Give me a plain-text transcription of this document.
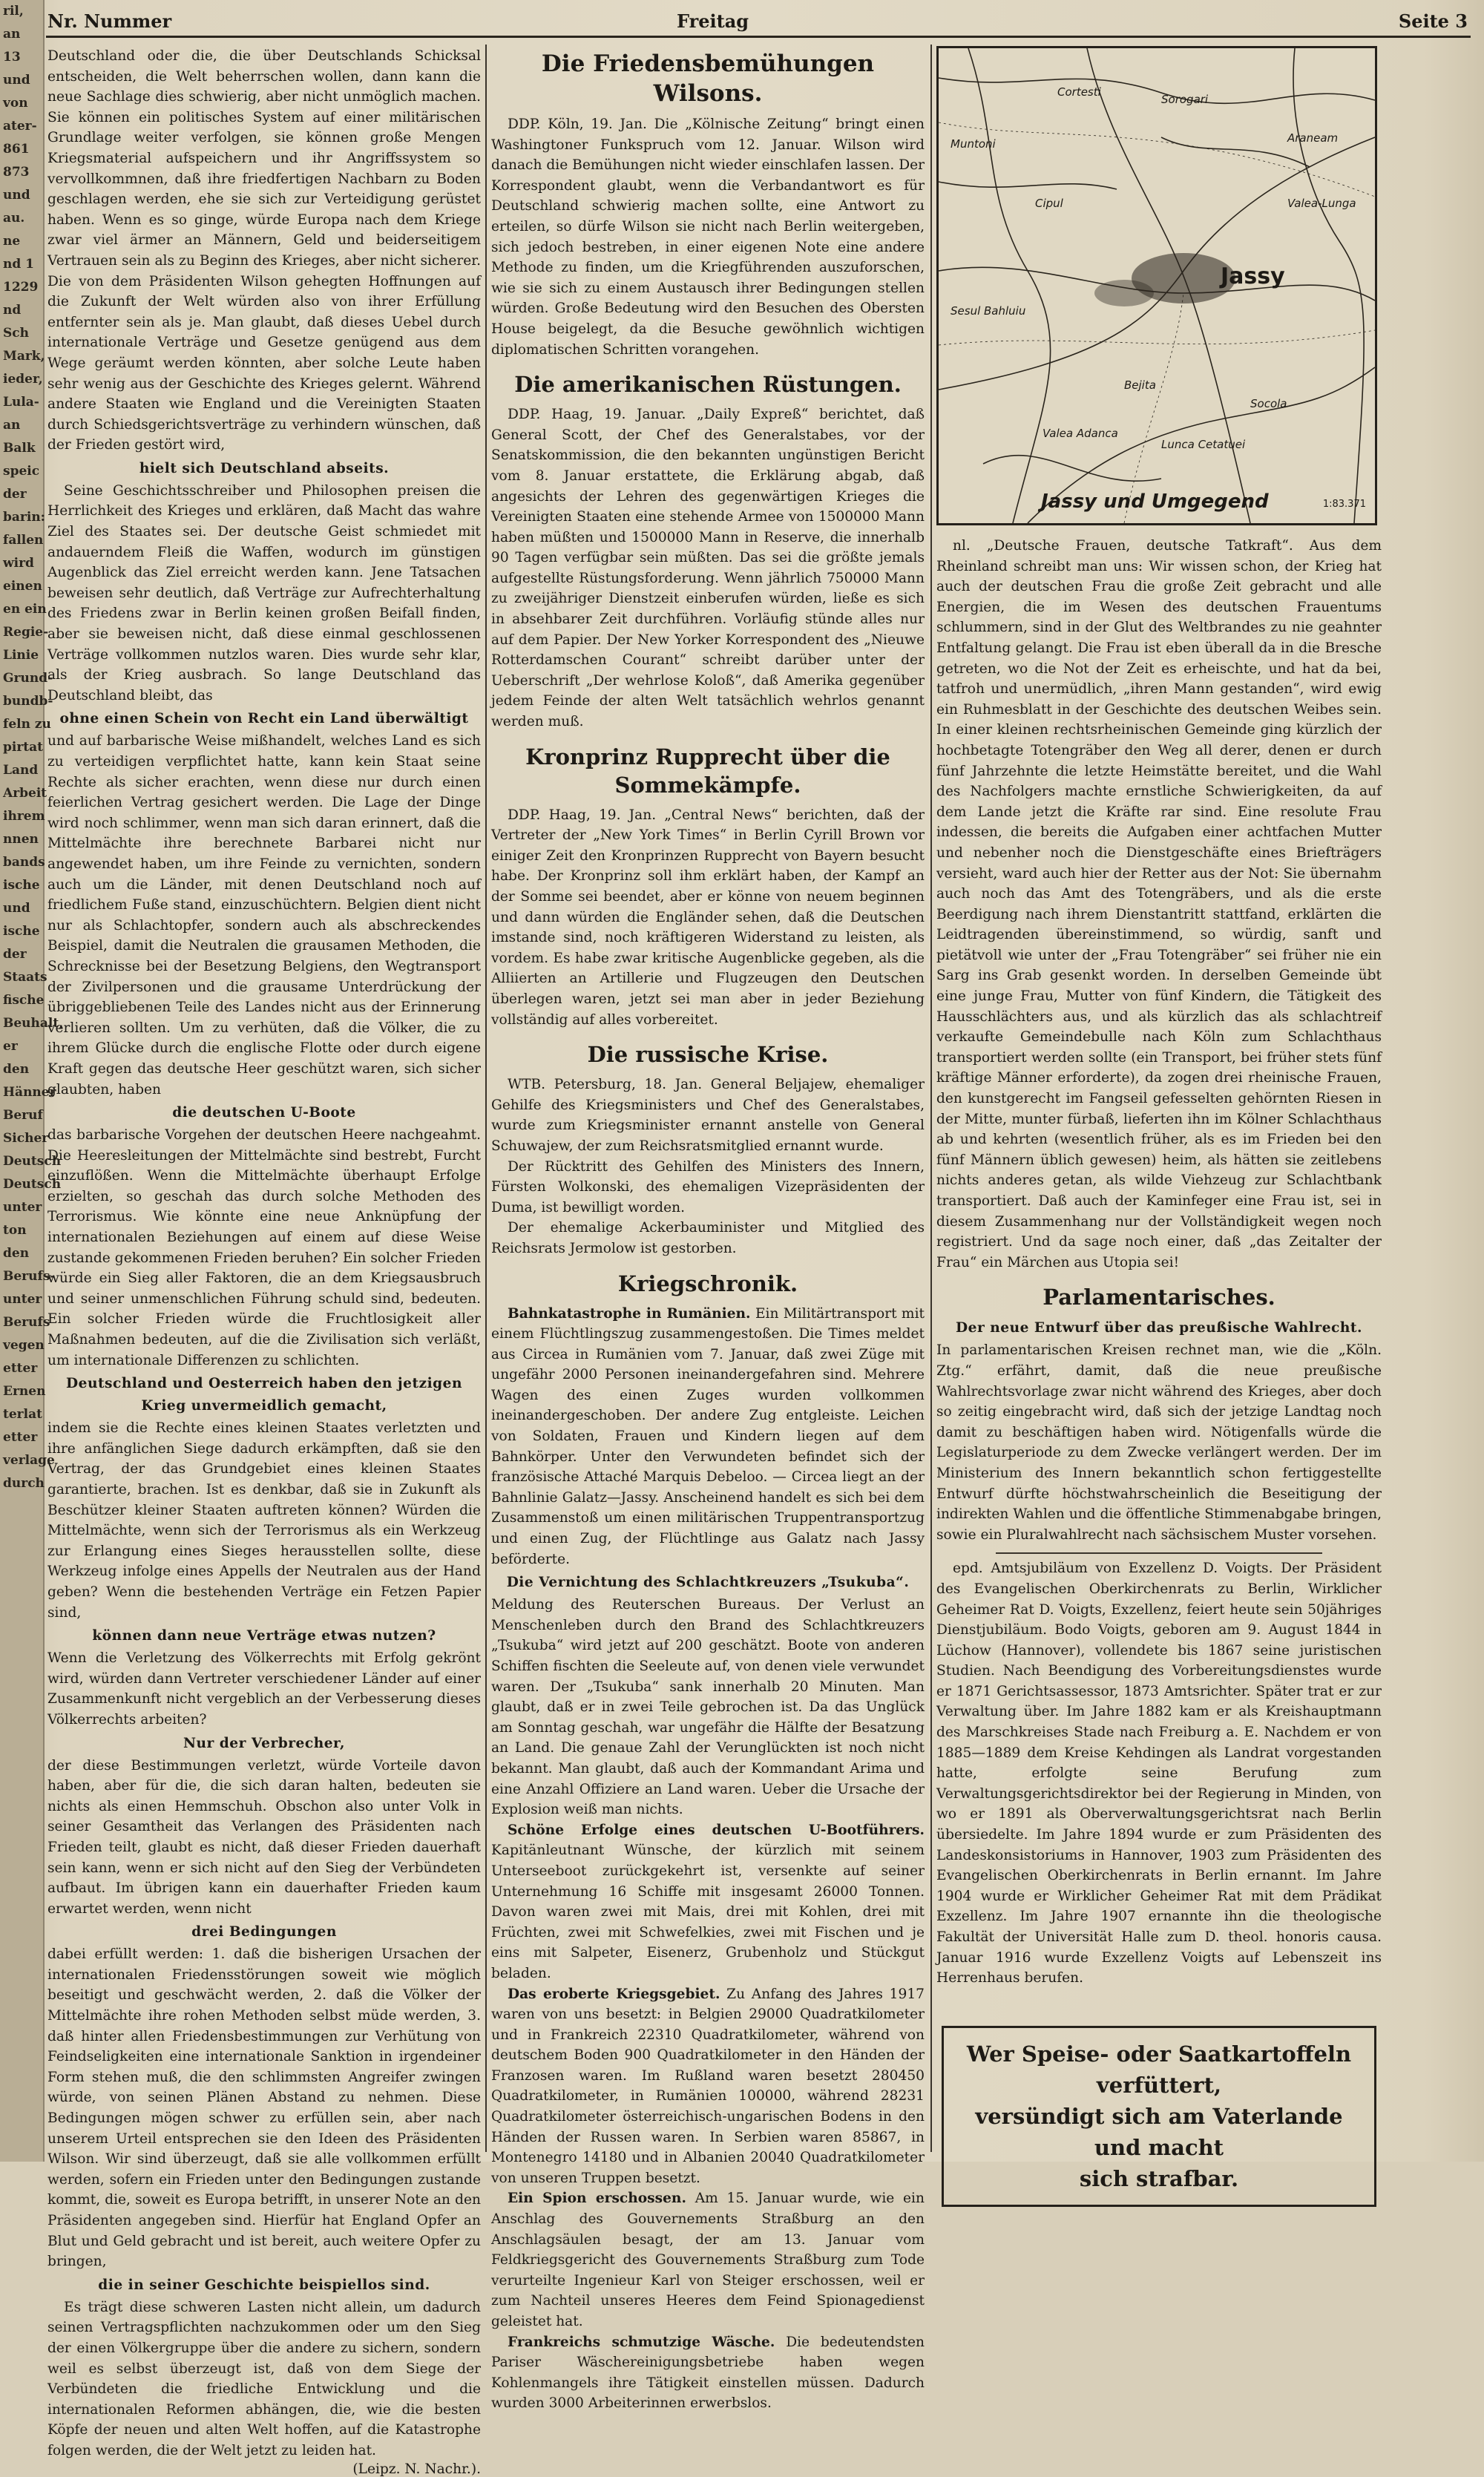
ril,

an

13

und

von

ater-

861

873

und

au.

ne

nd 1

1229

nd

Sch

Mark,

ieder,

Lula-

an

Balk

speic

der

barin:

fallen

wird

einen

en ein

Regie-

Linie

Grund-

bundb-

feln zu

pirtat

Land

Arbeit

ihrem

nnen

bands

ische

und

ische

der

Staats

fische

Beuhalt,

er

den

Hänner

Beruf

Sicher

Deutsch

Deutsch

unter

ton

den

Berufs-

unter

Berufs

vegen

etter

Ernen

terlat

etter

verlage

durch

Nr. Nummer	Freitag	Seite 3

Deutschland oder die, die über Deutschlands Schicksal entscheiden, die Welt beherrschen wollen, dann kann die neue Sachlage dies schwierig, aber nicht unmöglich machen. Sie können ein politisches System auf einer militärischen Grundlage weiter verfolgen, sie können große Mengen Kriegsmaterial aufspeichern und ihr Angriffssystem so vervollkommnen, daß ihre friedfertigen Nachbarn zu Boden geschlagen werden, ehe sie sich zur Verteidigung gerüstet haben. Wenn es so ginge, würde Europa nach dem Kriege zwar viel ärmer an Männern, Geld und beiderseitigem Vertrauen sein als zu Beginn des Krieges, aber nicht sicherer. Die von dem Präsidenten Wilson gehegten Hoffnungen auf die Zukunft der Welt würden also von ihrer Erfüllung entfernter sein als je. Man glaubt, daß dieses Uebel durch internationale Verträge und Gesetze genügend aus dem Wege geräumt werden könnten, aber solche Leute haben sehr wenig aus der Geschichte des Krieges gelernt. Während andere Staaten wie England und die Vereinigten Staaten durch Schiedsgerichtsverträge zu verhindern wünschen, daß der Frieden gestört wird,

hielt sich Deutschland abseits.

Seine Geschichtsschreiber und Philosophen preisen die Herrlichkeit des Krieges und erklären, daß Macht das wahre Ziel des Staates sei. Der deutsche Geist schmiedet mit andauerndem Fleiß die Waffen, wodurch im günstigen Augenblick das Ziel erreicht werden kann. Jene Tatsachen beweisen sehr deutlich, daß Verträge zur Aufrechterhaltung des Friedens zwar in Berlin keinen großen Beifall finden, aber sie beweisen nicht, daß diese einmal geschlossenen Verträge vollkommen nutzlos waren. Dies wurde sehr klar, als der Krieg ausbrach. So lange Deutschland das Deutschland bleibt, das

ohne einen Schein von Recht ein Land überwältigt

und auf barbarische Weise mißhandelt, welches Land es sich zu verteidigen verpflichtet hatte, kann kein Staat seine Rechte als sicher erachten, wenn diese nur durch einen feierlichen Vertrag gesichert werden. Die Lage der Dinge wird noch schlimmer, wenn man sich daran erinnert, daß die Mittelmächte ihre berechnete Barbarei nicht nur angewendet haben, um ihre Feinde zu vernichten, sondern auch um die Länder, mit denen Deutschland noch auf friedlichem Fuße stand, einzuschüchtern. Belgien dient nicht nur als Schlachtopfer, sondern auch als abschreckendes Beispiel, damit die Neutralen die grausamen Methoden, die Schrecknisse bei der Besetzung Belgiens, den Wegtransport der Zivilpersonen und die grausame Unterdrückung der übriggebliebenen Teile des Landes nicht aus der Erinnerung verlieren sollten. Um zu verhüten, daß die Völker, die zu ihrem Glücke durch die englische Flotte oder durch eigene Kraft gegen das deutsche Heer geschützt waren, sich sicher glaubten, haben

die deutschen U-Boote

das barbarische Vorgehen der deutschen Heere nachgeahmt. Die Heeresleitungen der Mittelmächte sind bestrebt, Furcht einzuflößen. Wenn die Mittelmächte überhaupt Erfolge erzielten, so geschah das durch solche Methoden des Terrorismus. Wie könnte eine neue Anknüpfung der internationalen Beziehungen auf einem auf diese Weise zustande gekommenen Frieden beruhen? Ein solcher Frieden würde ein Sieg aller Faktoren, die an dem Kriegsausbruch und seiner unmenschlichen Führung schuld sind, bedeuten. Ein solcher Frieden würde die Fruchtlosigkeit aller Maßnahmen bedeuten, auf die die Zivilisation sich verläßt, um internationale Differenzen zu schlichten.

Deutschland und Oesterreich haben den jetzigen Krieg unvermeidlich gemacht,

indem sie die Rechte eines kleinen Staates verletzten und ihre anfänglichen Siege dadurch erkämpften, daß sie den Vertrag, der das Grundgebiet eines kleinen Staates garantierte, brachen. Ist es denkbar, daß sie in Zukunft als Beschützer kleiner Staaten auftreten können? Würden die Mittelmächte, wenn sich der Terrorismus als ein Werkzeug zur Erlangung eines Sieges herausstellen sollte, diese Werkzeug infolge eines Appells der Neutralen aus der Hand geben? Wenn die bestehenden Verträge ein Fetzen Papier sind,

können dann neue Verträge etwas nutzen?

Wenn die Verletzung des Völkerrechts mit Erfolg gekrönt wird, würden dann Vertreter verschiedener Länder auf einer Zusammenkunft nicht vergeblich an der Verbesserung dieses Völkerrechts arbeiten?

Nur der Verbrecher,

der diese Bestimmungen verletzt, würde Vorteile davon haben, aber für die, die sich daran halten, bedeuten sie nichts als einen Hemmschuh. Obschon also unter Volk in seiner Gesamtheit das Verlangen des Präsidenten nach Frieden teilt, glaubt es nicht, daß dieser Frieden dauerhaft sein kann, wenn er sich nicht auf den Sieg der Verbündeten aufbaut. Im übrigen kann ein dauerhafter Frieden kaum erwartet werden, wenn nicht

drei Bedingungen

dabei erfüllt werden: 1. daß die bisherigen Ursachen der internationalen Friedensstörungen soweit wie möglich beseitigt und geschwächt werden, 2. daß die Völker der Mittelmächte ihre rohen Methoden selbst müde werden, 3. daß hinter allen Friedensbestimmungen zur Verhütung von Feindseligkeiten eine internationale Sanktion in irgendeiner Form stehen muß, die den schlimmsten Angreifer zwingen würde, von seinen Plänen Abstand zu nehmen. Diese Bedingungen mögen schwer zu erfüllen sein, aber nach unserem Urteil entsprechen sie den Ideen des Präsidenten Wilson. Wir sind überzeugt, daß sie alle vollkommen erfüllt werden, sofern ein Frieden unter den Bedingungen zustande kommt, die, soweit es Europa betrifft, in unserer Note an den Präsidenten angegeben sind. Hierfür hat England Opfer an Blut und Geld gebracht und ist bereit, auch weitere Opfer zu bringen,

die in seiner Geschichte beispiellos sind.

Es trägt diese schweren Lasten nicht allein, um dadurch seinen Vertragspflichten nachzukommen oder um den Sieg der einen Völkergruppe über die andere zu sichern, sondern weil es selbst überzeugt ist, daß von dem Siege der Verbündeten die friedliche Entwicklung und die internationalen Reformen abhängen, die, wie die besten Köpfe der neuen und alten Welt hoffen, auf die Katastrophe folgen werden, die der Welt jetzt zu leiden hat.

(Leipz. N. Nachr.).
Die Friedensbemühungen Wilsons.

DDP. Köln, 19. Jan. Die „Kölnische Zeitung“ bringt einen Washingtoner Funkspruch vom 12. Januar. Wilson wird danach die Bemühungen nicht wieder einschlafen lassen. Der Korrespondent glaubt, wenn die Verbandantwort es für Deutschland schwierig machen sollte, eine Antwort zu erteilen, so dürfe Wilson sie nicht nach Berlin weitergeben, sich jedoch bestreben, in einer eigenen Note eine andere Methode zu finden, um die Kriegführenden auszuforschen, wie sie sich zu einem Austausch ihrer Bedingungen stellen würden. Große Bedeutung wird den Besuchen des Obersten House beigelegt, da die Besuche gewöhnlich wichtigen diplomatischen Schritten vorangehen.

Die amerikanischen Rüstungen.

DDP. Haag, 19. Januar. „Daily Expreß“ berichtet, daß General Scott, der Chef des Generalstabes, vor der Senatskommission, die den bekannten ungünstigen Bericht vom 8. Januar erstattete, die Erklärung abgab, daß angesichts der Lehren des gegenwärtigen Krieges die Vereinigten Staaten eine stehende Armee von 1500000 Mann haben müßten und 1500000 Mann in Reserve, die innerhalb 90 Tagen verfügbar sein müßten. Das sei die größte jemals aufgestellte Rüstungsforderung. Wenn jährlich 750000 Mann zu zweijähriger Dienstzeit einberufen würden, ließe es sich in absehbarer Zeit durchführen. Vorläufig stünde alles nur auf dem Papier. Der New Yorker Korrespondent des „Nieuwe Rotterdamschen Courant“ schreibt darüber unter der Ueberschrift „Der wehrlose Koloß“, daß Amerika gegenüber jedem Feinde der alten Welt tatsächlich wehrlos genannt werden muß.

Kronprinz Rupprecht über die Sommekämpfe.

DDP. Haag, 19. Jan. „Central News“ berichten, daß der Vertreter der „New York Times“ in Berlin Cyrill Brown vor einiger Zeit den Kronprinzen Rupprecht von Bayern besucht habe. Der Kronprinz soll ihm erklärt haben, der Kampf an der Somme sei beendet, aber er könne von neuem beginnen und dann würden die Engländer sehen, daß die Deutschen imstande sind, noch kräftigeren Widerstand zu leisten, als vordem. Es habe zwar kritische Augenblicke gegeben, als die Alliierten an Artillerie und Flugzeugen den Deutschen überlegen waren, jetzt sei man aber in jeder Beziehung vollständig auf alles vorbereitet.

Die russische Krise.

WTB. Petersburg, 18. Jan. General Beljajew, ehemaliger Gehilfe des Kriegsministers und Chef des Generalstabes, wurde zum Kriegsminister ernannt anstelle von General Schuwajew, der zum Reichsratsmitglied ernannt wurde.

Der Rücktritt des Gehilfen des Ministers des Innern, Fürsten Wolkonski, des ehemaligen Vizepräsidenten der Duma, ist bewilligt worden.

Der ehemalige Ackerbauminister und Mitglied des Reichsrats Jermolow ist gestorben.

Kriegschronik.

Bahnkatastrophe in Rumänien. Ein Militärtransport mit einem Flüchtlingszug zusammengestoßen. Die Times meldet aus Circea in Rumänien vom 7. Januar, daß zwei Züge mit ungefähr 2000 Personen ineinandergefahren sind. Mehrere Wagen des einen Zuges wurden vollkommen ineinandergeschoben. Der andere Zug entgleiste. Leichen von Soldaten, Frauen und Kindern liegen auf dem Bahnkörper. Unter den Verwundeten befindet sich der französische Attaché Marquis Debeloo. — Circea liegt an der Bahnlinie Galatz—Jassy. Anscheinend handelt es sich bei dem Zusammenstoß um einen militärischen Truppentransportzug und einen Zug, der Flüchtlinge aus Galatz nach Jassy beförderte.

Die Vernichtung des Schlachtkreuzers „Tsukuba“.

Meldung des Reuterschen Bureaus. Der Verlust an Menschenleben durch den Brand des Schlachtkreuzers „Tsukuba“ wird jetzt auf 200 geschätzt. Boote von anderen Schiffen fischten die Seeleute auf, von denen viele verwundet waren. Der „Tsukuba“ sank innerhalb 20 Minuten. Man glaubt, daß er in zwei Teile gebrochen ist. Da das Unglück am Sonntag geschah, war ungefähr die Hälfte der Besatzung an Land. Die genaue Zahl der Verunglückten ist noch nicht bekannt. Man glaubt, daß auch der Kommandant Arima und eine Anzahl Offiziere an Land waren. Ueber die Ursache der Explosion weiß man nichts.

Schöne Erfolge eines deutschen U-Bootführers. Kapitänleutnant Wünsche, der kürzlich mit seinem Unterseeboot zurückgekehrt ist, versenkte auf seiner Unternehmung 16 Schiffe mit insgesamt 26000 Tonnen. Davon waren zwei mit Mais, drei mit Kohlen, drei mit Früchten, zwei mit Schwefelkies, zwei mit Fischen und je eins mit Salpeter, Eisenerz, Grubenholz und Stückgut beladen.

Das eroberte Kriegsgebiet. Zu Anfang des Jahres 1917 waren von uns besetzt: in Belgien 29000 Quadratkilometer und in Frankreich 22310 Quadratkilometer, während von deutschem Boden 900 Quadratkilometer in den Händen der Franzosen waren. Im Rußland waren besetzt 280450 Quadratkilometer, in Rumänien 100000, während 28231 Quadratkilometer österreichisch-ungarischen Bodens in den Händen der Russen waren. In Serbien waren 85867, in Montenegro 14180 und in Albanien 20040 Quadratkilometer von unseren Truppen besetzt.

Ein Spion erschossen. Am 15. Januar wurde, wie ein Anschlag des Gouvernements Straßburg an den Anschlagsäulen besagt, der am 13. Januar vom Feldkriegsgericht des Gouvernements Straßburg zum Tode verurteilte Ingenieur Karl von Steiger erschossen, weil er zum Nachteil unseres Heeres dem Feind Spionagedienst geleistet hat.

Frankreichs schmutzige Wäsche. Die bedeutendsten Pariser Wäschereinigungsbetriebe haben wegen Kohlenmangels ihre Tätigkeit einstellen müssen. Dadurch wurden 3000 Arbeiterinnen erwerbslos.

Cortesti
Sorogari
Muntoni	Araneam
Cipul	Valea-Lunga
Jassy
Sesul Bahluiu
Bejita
Socola
Valea Adanca
Lunca Cetatuei
Jassy und Umgegend	1:83.371

nl. „Deutsche Frauen, deutsche Tatkraft“. Aus dem Rheinland schreibt man uns: Wir wissen schon, der Krieg hat auch der deutschen Frau die große Zeit gebracht und alle Energien, die im Wesen des deutschen Frauentums schlummern, sind in der Glut des Weltbrandes zu nie geahnter Entfaltung gelangt. Die Frau ist eben überall da in die Bresche getreten, wo die Not der Zeit es erheischte, und hat da bei, tatfroh und unermüdlich, „ihren Mann gestanden“, wird ewig ein Ruhmesblatt in der Geschichte des deutschen Weibes sein. In einer kleinen rechtsrheinischen Gemeinde ging kürzlich der hochbetagte Totengräber den Weg all derer, denen er durch fünf Jahrzehnte die letzte Heimstätte bereitet, und die Wahl des Nachfolgers machte ernstliche Schwierigkeiten, da auf dem Lande jetzt die Kräfte rar sind. Eine resolute Frau indessen, die bereits die Aufgaben einer achtfachen Mutter und nebenher noch die Dienstgeschäfte eines Briefträgers versieht, ward auch hier der Retter aus der Not: Sie übernahm auch noch das Amt des Totengräbers, und als die erste Beerdigung nach ihrem Dienstantritt stattfand, erklärten die Leidtragenden übereinstimmend, so würdig, sanft und pietätvoll wie unter der „Frau Totengräber“ sei früher nie ein Sarg ins Grab gesenkt worden. In derselben Gemeinde übt eine junge Frau, Mutter von fünf Kindern, die Tätigkeit des Hausschlächters aus, und als kürzlich das als schlachtreif verkaufte Gemeindebulle nach Köln zum Schlachthaus transportiert werden sollte (ein Transport, bei früher stets fünf kräftige Männer erforderte), da zogen drei rheinische Frauen, den kunstgerecht im Fangseil gefesselten gehörnten Riesen in der Mitte, munter fürbaß, lieferten ihn im Kölner Schlachthaus ab und kehrten (wesentlich früher, als es im Frieden bei den fünf Männern üblich gewesen) heim, als hätten sie zeitlebens nichts anderes getan, als wilde Viehzeug zur Schlachtbank transportiert. Daß auch der Kaminfeger eine Frau ist, sei in diesem Zusammenhang nur der Vollständigkeit wegen noch registriert. Und da sage noch einer, daß „das Zeitalter der Frau“ ein Märchen aus Utopia sei!

Parlamentarisches.
Der neue Entwurf über das preußische Wahlrecht.

In parlamentarischen Kreisen rechnet man, wie die „Köln. Ztg.“ erfährt, damit, daß die neue preußische Wahlrechtsvorlage zwar nicht während des Krieges, aber doch so zeitig eingebracht wird, daß sich der jetzige Landtag noch damit zu beschäftigen haben wird. Nötigenfalls würde die Legislaturperiode zu dem Zwecke verlängert werden. Der im Ministerium des Innern bekanntlich schon fertiggestellte Entwurf dürfte höchstwahrscheinlich die Beseitigung der indirekten Wahlen und die öffentliche Stimmenabgabe bringen, sowie ein Pluralwahlrecht nach sächsischem Muster vorsehen.

epd. Amtsjubiläum von Exzellenz D. Voigts. Der Präsident des Evangelischen Oberkirchenrats zu Berlin, Wirklicher Geheimer Rat D. Voigts, Exzellenz, feiert heute sein 50jähriges Dienstjubiläum. Bodo Voigts, geboren am 9. August 1844 in Lüchow (Hannover), vollendete bis 1867 seine juristischen Studien. Nach Beendigung des Vorbereitungsdienstes wurde er 1871 Gerichtsassessor, 1873 Amtsrichter. Später trat er zur Verwaltung über. Im Jahre 1882 kam er als Kreishauptmann des Marschkreises Stade nach Freiburg a. E. Nachdem er von 1885—1889 dem Kreise Kehdingen als Landrat vorgestanden hatte, erfolgte seine Berufung zum Verwaltungsgerichtsdirektor bei der Regierung in Minden, von wo er 1891 als Oberverwaltungsgerichtsrat nach Berlin übersiedelte. Im Jahre 1894 wurde er zum Präsidenten des Landeskonsistoriums in Hannover, 1903 zum Präsidenten des Evangelischen Oberkirchenrats in Berlin ernannt. Im Jahre 1904 wurde er Wirklicher Geheimer Rat mit dem Prädikat Exzellenz. Im Jahre 1907 ernannte ihn die theologische Fakultät der Universität Halle zum D. theol. honoris causa. Januar 1916 wurde Exzellenz Voigts auf Lebenszeit ins Herrenhaus berufen.

Wer Speise- oder Saatkartoffeln verfüttert,
versündigt sich am Vaterlande und macht
sich strafbar.
